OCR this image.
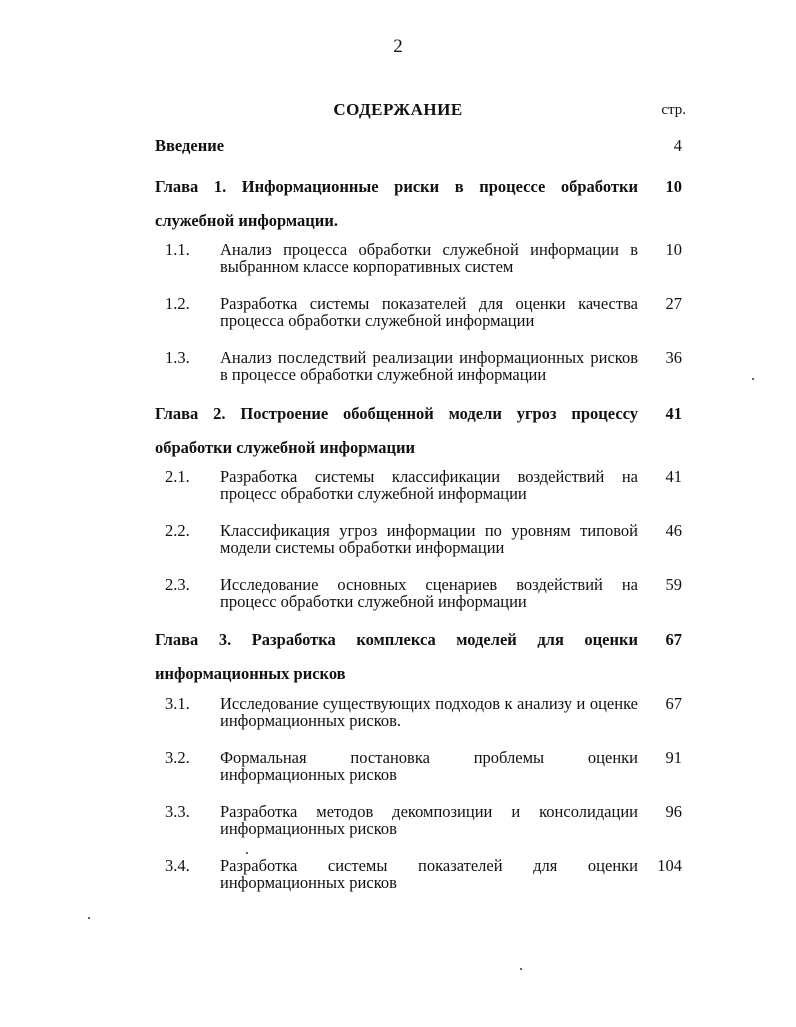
2
СОДЕРЖАНИЕ	стр.
Введение	4
Глава 1. Информационные риски в процессе обработки служебной информации.
10
1.1. Анализ процесса обработки служебной информации в выбранном классе корпоративных систем
10
1.2. Разработка системы показателей для оценки качества процесса обработки служебной информации
27
1.3. Анализ последствий реализации информационных рисков в процессе обработки служебной информации
36
Глава 2. Построение обобщенной модели угроз процессу обработки служебной информации
41
2.1. Разработка системы классификации воздействий на процесс обработки служебной информации
41
2.2. Классификация угроз информации по уровням типовой модели системы обработки информации
46
2.3. Исследование основных сценариев воздействий на процесс обработки служебной информации
59
Глава 3. Разработка комплекса моделей для оценки информационных рисков
67
3.1. Исследование существующих подходов к анализу и оценке информационных рисков.
67
3.2. Формальная постановка проблемы оценки информационных рисков
91
3.3. Разработка методов декомпозиции и консолидации информационных рисков
96
3.4. Разработка системы показателей для оценки информационных рисков
104
